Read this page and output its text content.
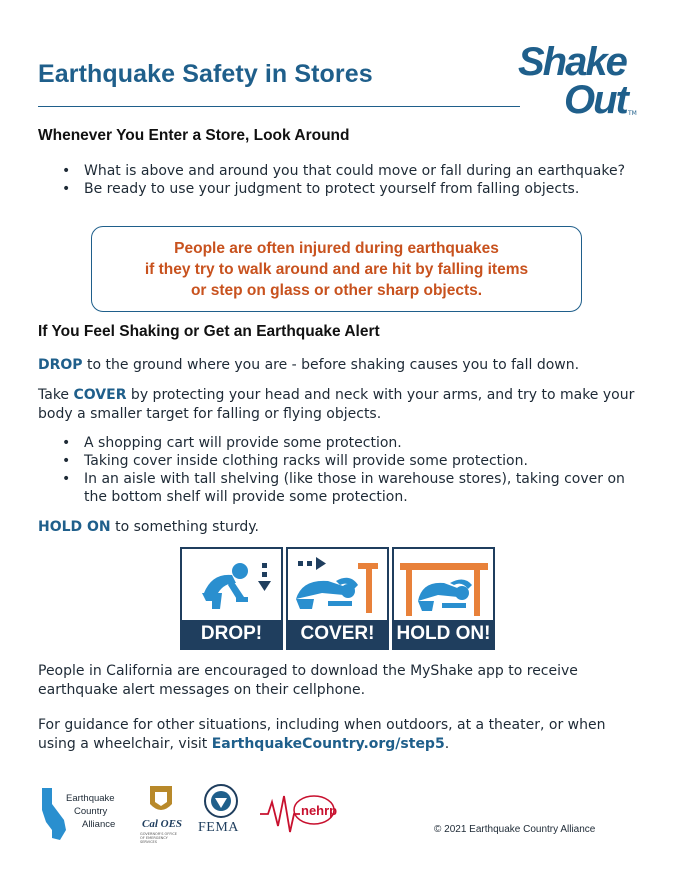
Earthquake Safety in Stores	Shake
Out TM
Whenever You Enter a Store, Look Around
• What is above and around you that could move or fall during an earthquake?
• Be ready to use your judgment to protect yourself from falling objects.
People are often injured during earthquakes
if they try to walk around and are hit by falling items
or step on glass or other sharp objects.
If You Feel Shaking or Get an Earthquake Alert
DROP to the ground where you are - before shaking causes you to fall down.
Take COVER by protecting your head and neck with your arms, and try to make your body a smaller target for falling or flying objects.
• A shopping cart will provide some protection.
• Taking cover inside clothing racks will provide some protection.
• In an aisle with tall shelving (like those in warehouse stores), taking cover on the bottom shelf will provide some protection.
HOLD ON to something sturdy.
DROP!	COVER!	HOLD ON!
People in California are encouraged to download the MyShake app to receive earthquake alert messages on their cellphone.
For guidance for other situations, including when outdoors, at a theater, or when using a wheelchair, visit EarthquakeCountry.org/step5.
Earthquake
Country
Alliance Cal OES
GOVERNOR'S OFFICE OF EMERGENCY SERVICES
FEMA
nehrp
© 2021 Earthquake Country Alliance
